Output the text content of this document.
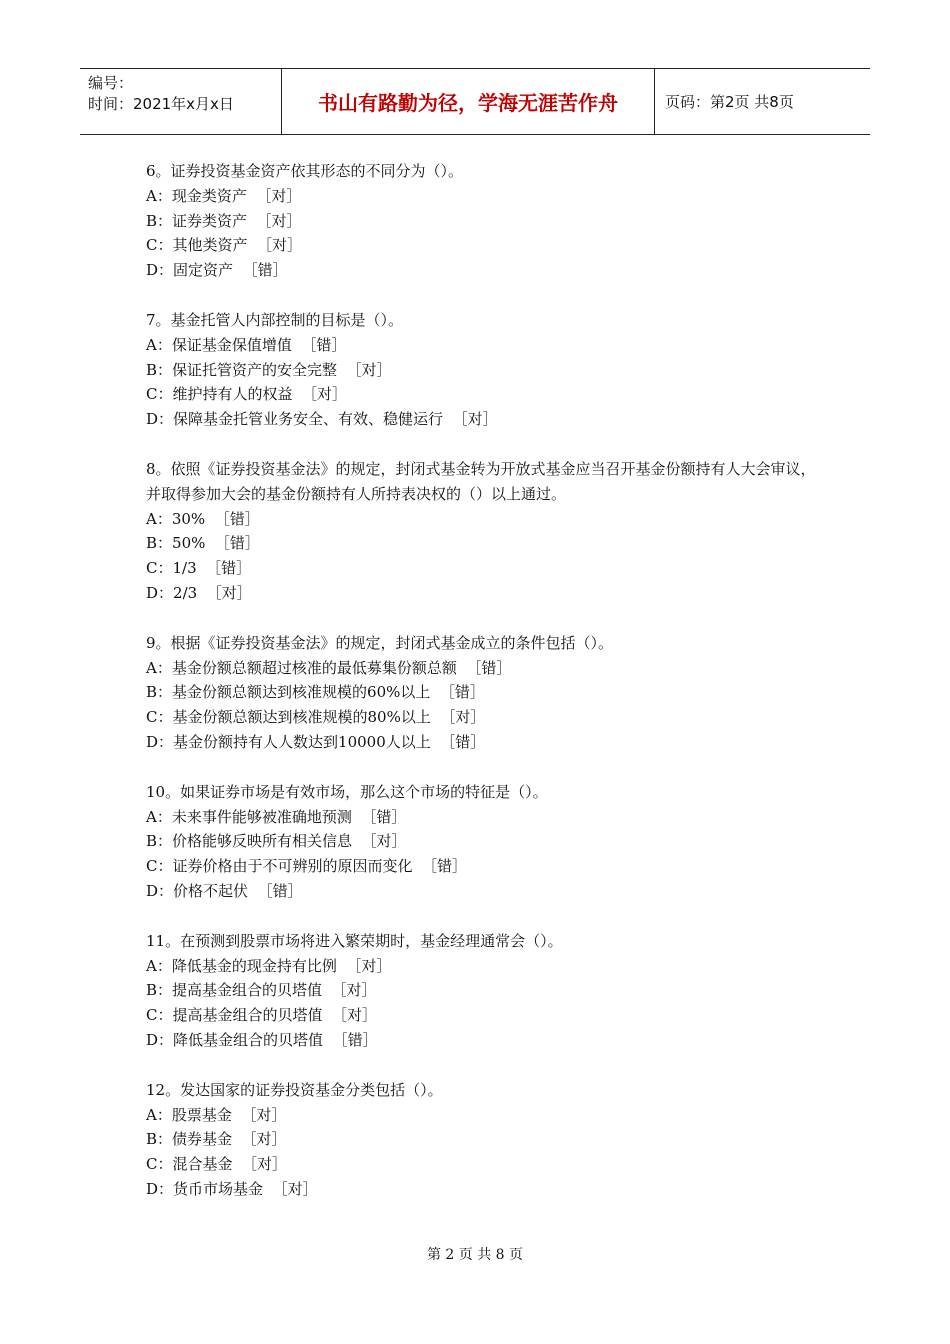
编号：
时间：2021年x月x日	书山有路勤为径，学海无涯苦作舟	页码：第2页 共8页
6。证券投资基金资产依其形态的不同分为（）。
A：现金类资产  ［对］
B：证券类资产  ［对］
C：其他类资产  ［对］
D：固定资产  ［错］
7。基金托管人内部控制的目标是（）。
A：保证基金保值增值  ［错］
B：保证托管资产的安全完整  ［对］
C：维护持有人的权益  ［对］
D：保障基金托管业务安全、有效、稳健运行  ［对］
8。依照《证券投资基金法》的规定，封闭式基金转为开放式基金应当召开基金份额持有人大会审议，并取得参加大会的基金份额持有人所持表决权的（）以上通过。
A：30%  ［错］
B：50%  ［错］
C：1/3  ［错］
D：2/3  ［对］
9。根据《证券投资基金法》的规定，封闭式基金成立的条件包括（）。
A：基金份额总额超过核准的最低募集份额总额  ［错］
B：基金份额总额达到核准规模的60%以上  ［错］
C：基金份额总额达到核准规模的80%以上  ［对］
D：基金份额持有人人数达到10000人以上  ［错］
10。如果证券市场是有效市场，那么这个市场的特征是（）。
A：未来事件能够被准确地预测  ［错］
B：价格能够反映所有相关信息  ［对］
C：证券价格由于不可辨别的原因而变化  ［错］
D：价格不起伏  ［错］
11。在预测到股票市场将进入繁荣期时，基金经理通常会（）。
A：降低基金的现金持有比例  ［对］
B：提高基金组合的贝塔值  ［对］
C：提高基金组合的贝塔值  ［对］
D：降低基金组合的贝塔值  ［错］
12。发达国家的证券投资基金分类包括（）。
A：股票基金  ［对］
B：债券基金  ［对］
C：混合基金  ［对］
D：货币市场基金  ［对］
第 2 页 共 8 页
